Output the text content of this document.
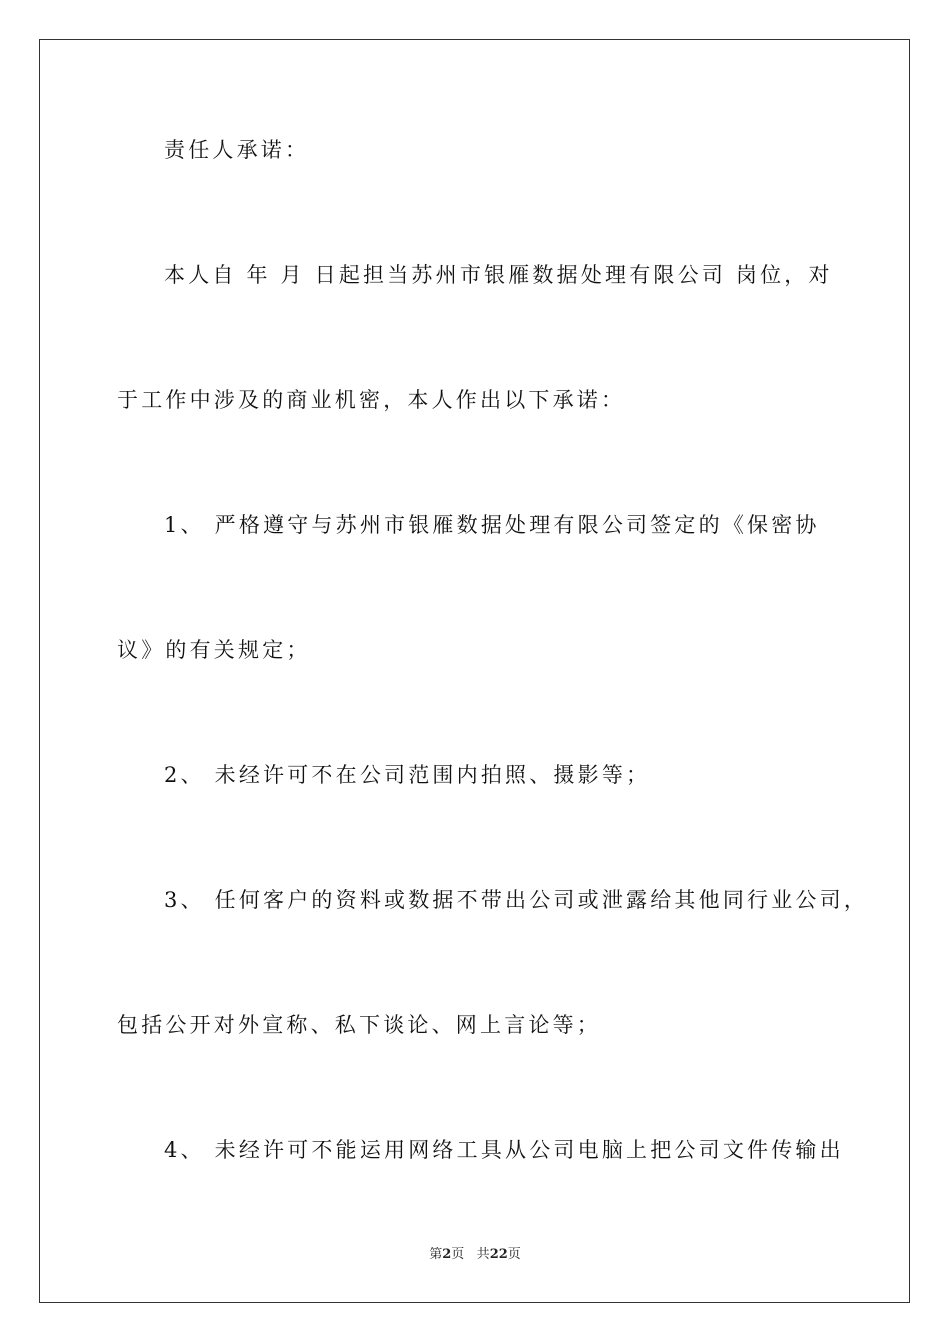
责任人承诺：
本人自 年 月 日起担当苏州市银雁数据处理有限公司 岗位，对
于工作中涉及的商业机密，本人作出以下承诺：
1、 严格遵守与苏州市银雁数据处理有限公司签定的《保密协
议》的有关规定；
2、 未经许可不在公司范围内拍照、摄影等；
3、 任何客户的资料或数据不带出公司或泄露给其他同行业公司，
包括公开对外宣称、私下谈论、网上言论等；
4、 未经许可不能运用网络工具从公司电脑上把公司文件传输出
第2页 共22页
